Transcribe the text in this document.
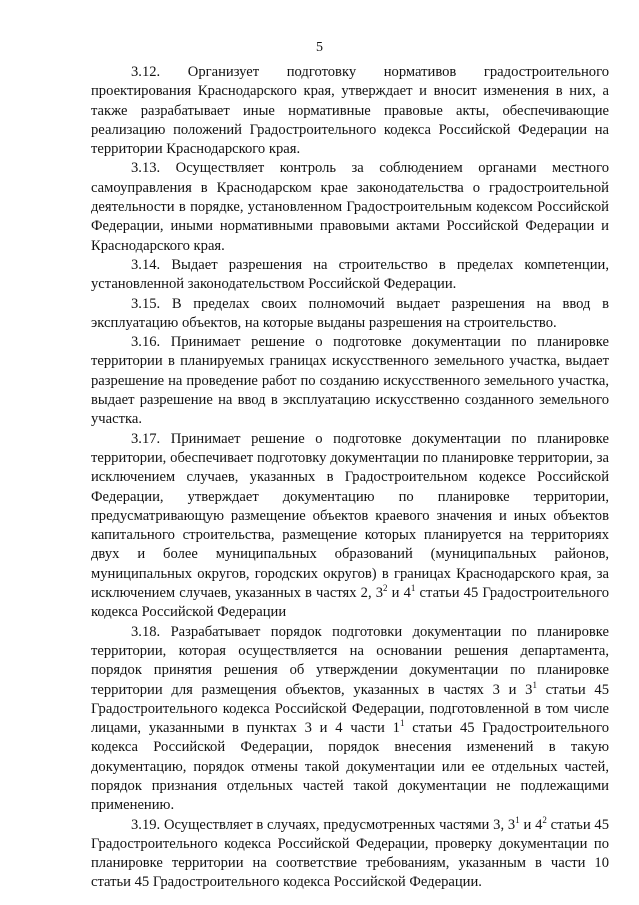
5

3.12. Организует подготовку нормативов градостроительного проектирования Краснодарского края, утверждает и вносит изменения в них, а также разрабатывает иные нормативные правовые акты, обеспечивающие реализацию положений Градостроительного кодекса Российской Федерации на территории Краснодарского края.

3.13. Осуществляет контроль за соблюдением органами местного самоуправления в Краснодарском крае законодательства о градостроительной деятельности в порядке, установленном Градостроительным кодексом Российской Федерации, иными нормативными правовыми актами Российской Федерации и Краснодарского края.

3.14. Выдает разрешения на строительство в пределах компетенции, установленной законодательством Российской Федерации.

3.15. В пределах своих полномочий выдает разрешения на ввод в эксплуатацию объектов, на которые выданы разрешения на строительство.

3.16. Принимает решение о подготовке документации по планировке территории в планируемых границах искусственного земельного участка, выдает разрешение на проведение работ по созданию искусственного земельного участка, выдает разрешение на ввод в эксплуатацию искусственно созданного земельного участка.

3.17. Принимает решение о подготовке документации по планировке территории, обеспечивает подготовку документации по планировке территории, за исключением случаев, указанных в Градостроительном кодексе Российской Федерации, утверждает документацию по планировке территории, предусматривающую размещение объектов краевого значения и иных объектов капитального строительства, размещение которых планируется на территориях двух и более муниципальных образований (муниципальных районов, муниципальных округов, городских округов) в границах Краснодарского края, за исключением случаев, указанных в частях 2, $3^2$ и $4^1$ статьи 45 Градостроительного кодекса Российской Федерации

3.18. Разрабатывает порядок подготовки документации по планировке территории, которая осуществляется на основании решения департамента, порядок принятия решения об утверждении документации по планировке территории для размещения объектов, указанных в частях 3 и $3^1$ статьи 45 Градостроительного кодекса Российской Федерации, подготовленной в том числе лицами, указанными в пунктах 3 и 4 части $1^1$ статьи 45 Градостроительного кодекса Российской Федерации, порядок внесения изменений в такую документацию, порядок отмены такой документации или ее отдельных частей, порядок признания отдельных частей такой документации не подлежащими применению.

3.19. Осуществляет в случаях, предусмотренных частями 3, $3^1$ и $4^2$ статьи 45 Градостроительного кодекса Российской Федерации, проверку документации по планировке территории на соответствие требованиям, указанным в части 10 статьи 45 Градостроительного кодекса Российской Федерации.
